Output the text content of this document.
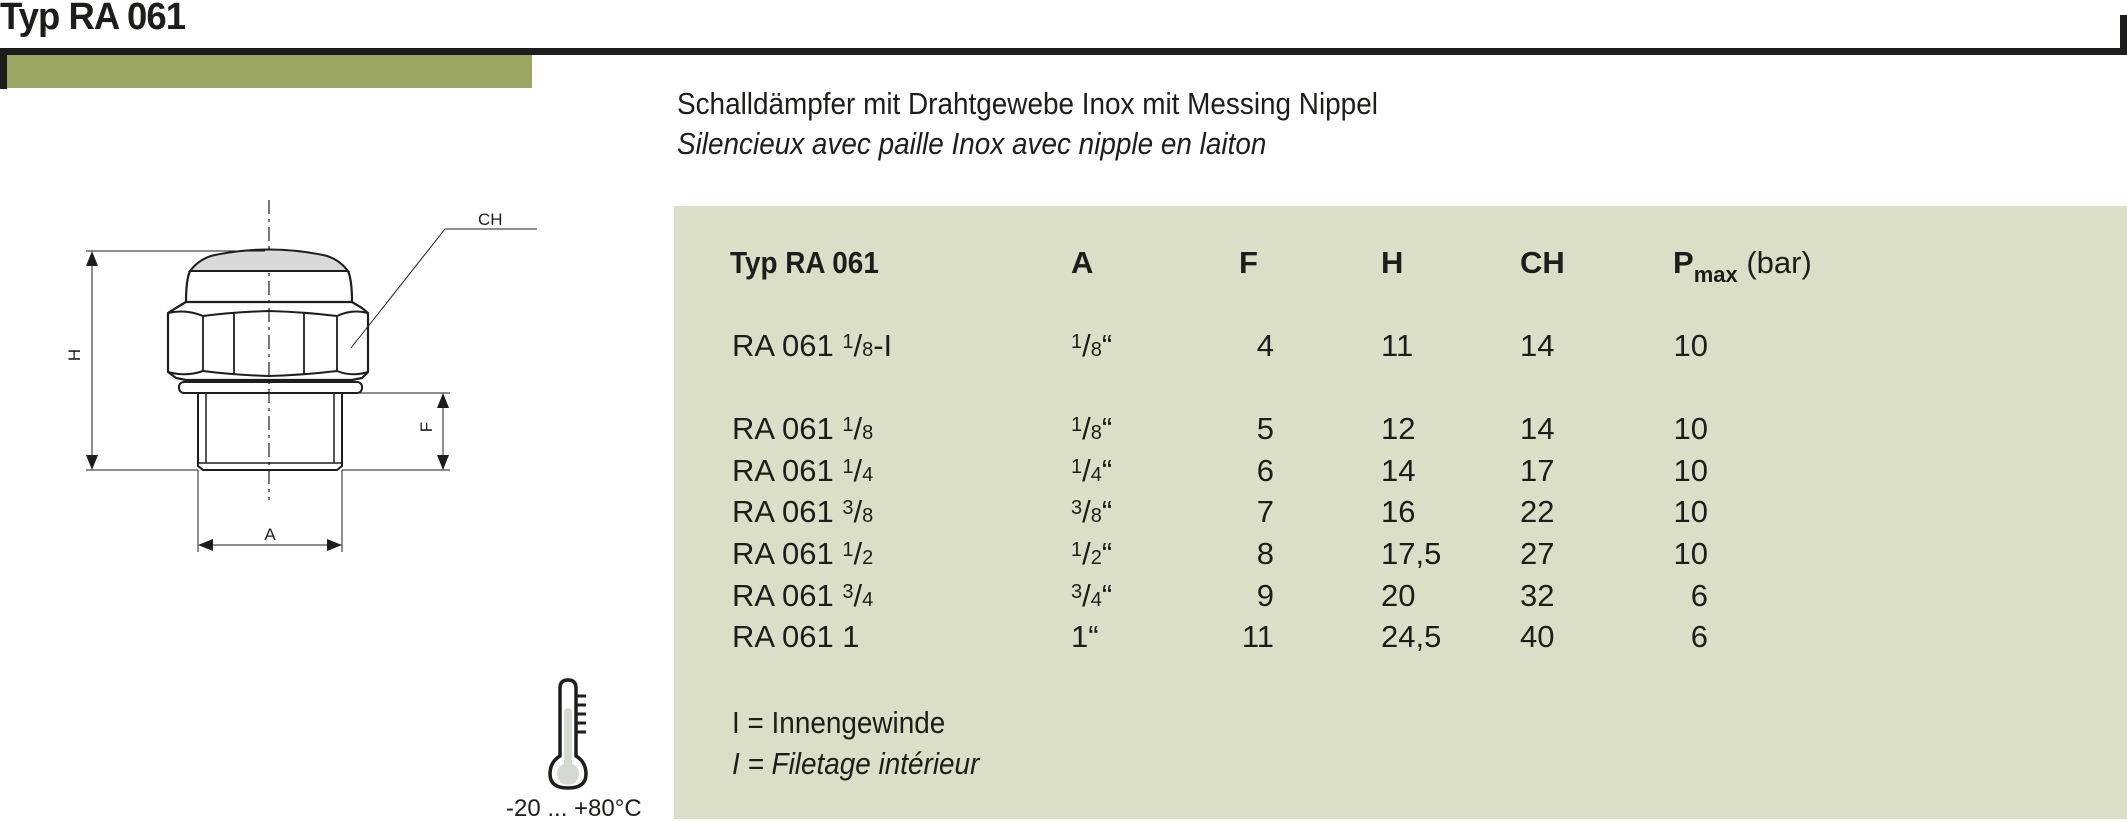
Typ RA 061
Schalldämpfer mit Drahtgewebe Inox mit Messing Nippel
Silencieux avec paille Inox avec nipple en laiton
CH
H
F
A
-20 ... +80°C
Typ RA 061	A	F	H	CH	$P_{max}$ (bar)
RA 061 1/8-I	1/8“	4	11	14	10
RA 061 1/8	1/8“	5	12	14	10
RA 061 1/4	1/4“	6	14	17	10
RA 061 3/8	3/8“	7	16	22	10
RA 061 1/2	1/2“	8	17,5	27	10
RA 061 3/4	3/4“	9	20	32	6
RA 061 1	1“	11	24,5	40	6
I = Innengewinde
I = Filetage intérieur
